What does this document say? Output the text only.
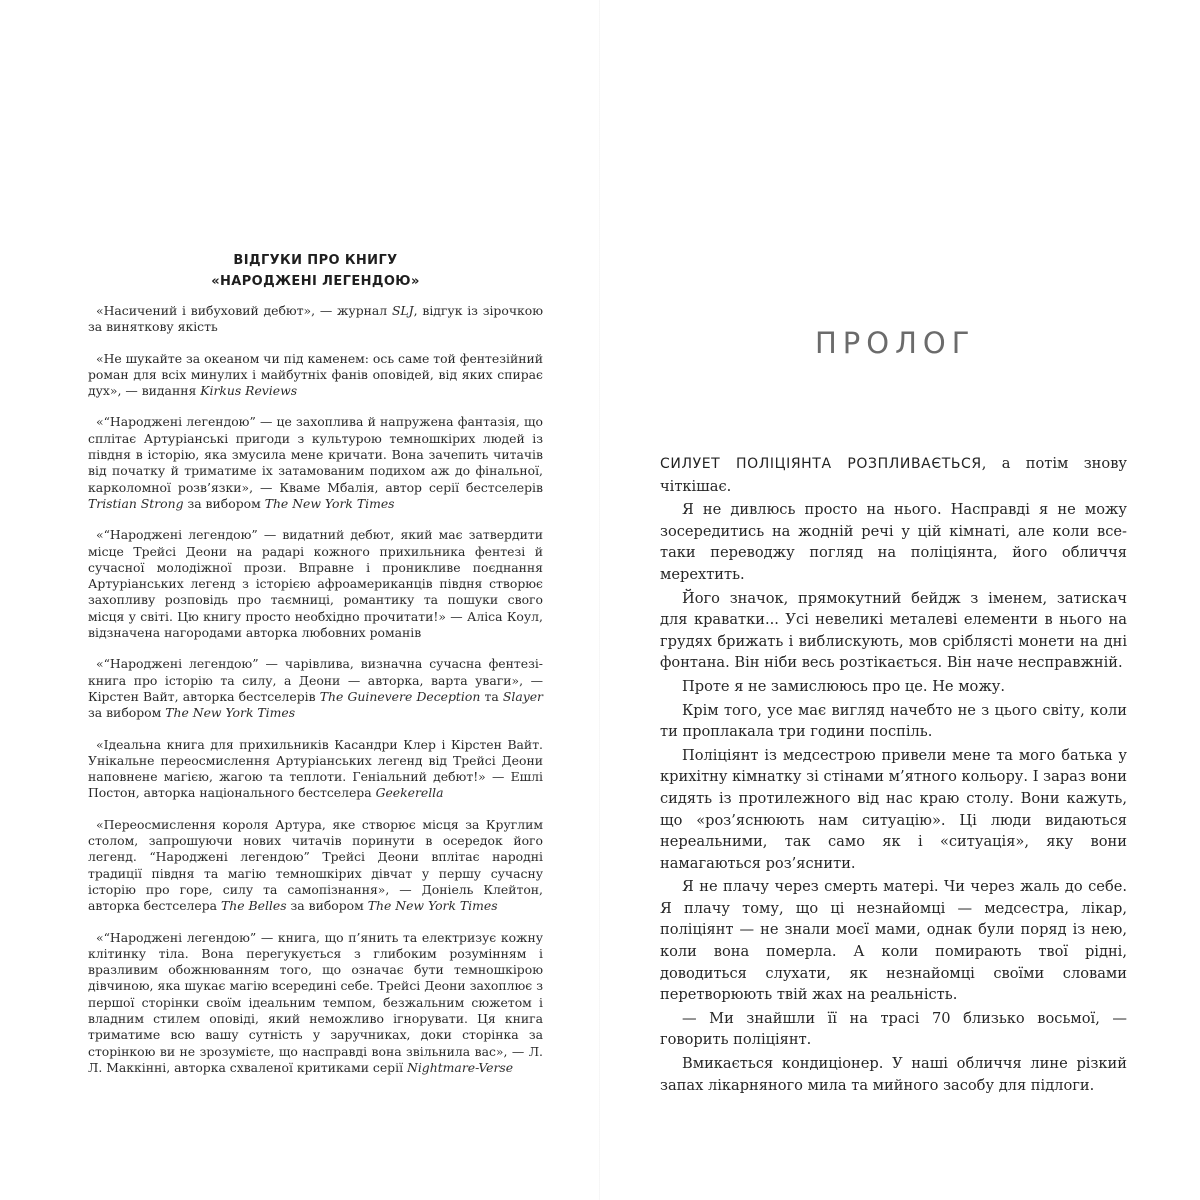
ВІДГУКИ ПРО КНИГУ
«НАРОДЖЕНІ ЛЕГЕНДОЮ»

«Насичений і вибуховий дебют», — журнал SLJ, відгук із зірочкою за виняткову якість

«Не шукайте за океаном чи під каменем: ось саме той фентезійний роман для всіх минулих і майбутніх фанів оповідей, від яких спирає дух», — видання Kirkus Reviews

«“Народжені легендою” — це захоплива й напружена фантазія, що сплітає Артуріанські пригоди з культурою темношкірих людей із півдня в історію, яка змусила мене кричати. Вона зачепить читачів від початку й триматиме іх затамованим подихом аж до фінальної, карколомної розв’язки», — Кваме Мбалія, автор серії бестселерів Tristian Strong за вибором The New York Times

«“Народжені легендою” — видатний дебют, який має затвердити місце Трейсі Деони на радарі кожного прихильника фентезі й сучасної молодіжної прози. Вправне і проникливе поєднання Артуріанських легенд з історією афроамериканців півдня створює захопливу розповідь про таємниці, романтику та пошуки свого місця у світі. Цю книгу просто необхідно прочитати!» — Аліса Коул, відзначена нагородами авторка любовних романів

«“Народжені легендою” — чарівлива, визначна сучасна фентезі-книга про історію та силу, а Деони — авторка, варта уваги», — Кірстен Вайт, авторка бестселерів The Guinevere Deception та Slayer за вибором The New York Times

«Ідеальна книга для прихильників Касандри Клер і Кірстен Вайт. Унікальне переосмислення Артуріанських легенд від Трейсі Деони наповнене магією, жагою та теплоти. Геніальний дебют!» — Ешлі Постон, авторка національного бестселера Geekerella

«Переосмислення короля Артура, яке створює місця за Круглим столом, запрошуючи нових читачів поринути в осередок його легенд. “Народжені легендою” Трейсі Деони вплітає народні традиції півдня та магію темношкірих дівчат у першу сучасну історію про горе, силу та самопізнання», — Доніель Клейтон, авторка бестселера The Belles за вибором The New York Times

«“Народжені легендою” — книга, що п’янить та електризує кожну клітинку тіла. Вона перегукується з глибоким розумінням і вразливим обожнюванням того, що означає бути темношкірою дівчиною, яка шукає магію всередині себе. Трейсі Деони захоплює з першої сторінки своїм ідеальним темпом, безжальним сюжетом і владним стилем оповіді, який неможливо ігнорувати. Ця книга триматиме всю вашу сутність у заручниках, доки сторінка за сторінкою ви не зрозумієте, що насправді вона звільнила вас», — Л. Л. Маккінні, авторка схваленої критиками серії Nightmare-Verse

ПРОЛОГ

СИЛУЕТ ПОЛІЦІЯНТА РОЗПЛИВАЄТЬСЯ, а потім знову чіткішає.

Я не дивлюсь просто на нього. Насправді я не можу зосередитись на жодній речі у цій кімнаті, але коли все-таки переводжу погляд на поліціянта, його обличчя мерехтить.

Його значок, прямокутний бейдж з іменем, затискач для краватки... Усі невеликі металеві елементи в нього на грудях брижать і виблискують, мов сріблясті монети на дні фонтана. Він ніби весь розтікається. Він наче несправжній.

Проте я не замислююсь про це. Не можу.

Крім того, усе має вигляд начебто не з цього світу, коли ти проплакала три години поспіль.

Поліціянт із медсестрою привели мене та мого батька у крихітну кімнатку зі стінами м’ятного кольору. І зараз вони сидять із протилежного від нас краю столу. Вони кажуть, що «роз’яснюють нам ситуацію». Ці люди видаються нереальними, так само як і «ситуація», яку вони намагаються роз’яснити.

Я не плачу через смерть матері. Чи через жаль до себе. Я плачу тому, що ці незнайомці — медсестра, лікар, поліціянт — не знали моєї мами, однак були поряд із нею, коли вона померла. А коли помирають твої рідні, доводиться слухати, як незнайомці своїми словами перетворюють твій жах на реальність.

— Ми знайшли її на трасі 70 близько восьмої, — говорить поліціянт.

Вмикається кондиціонер. У наші обличчя лине різкий запах лікарняного мила та мийного засобу для підлоги.
